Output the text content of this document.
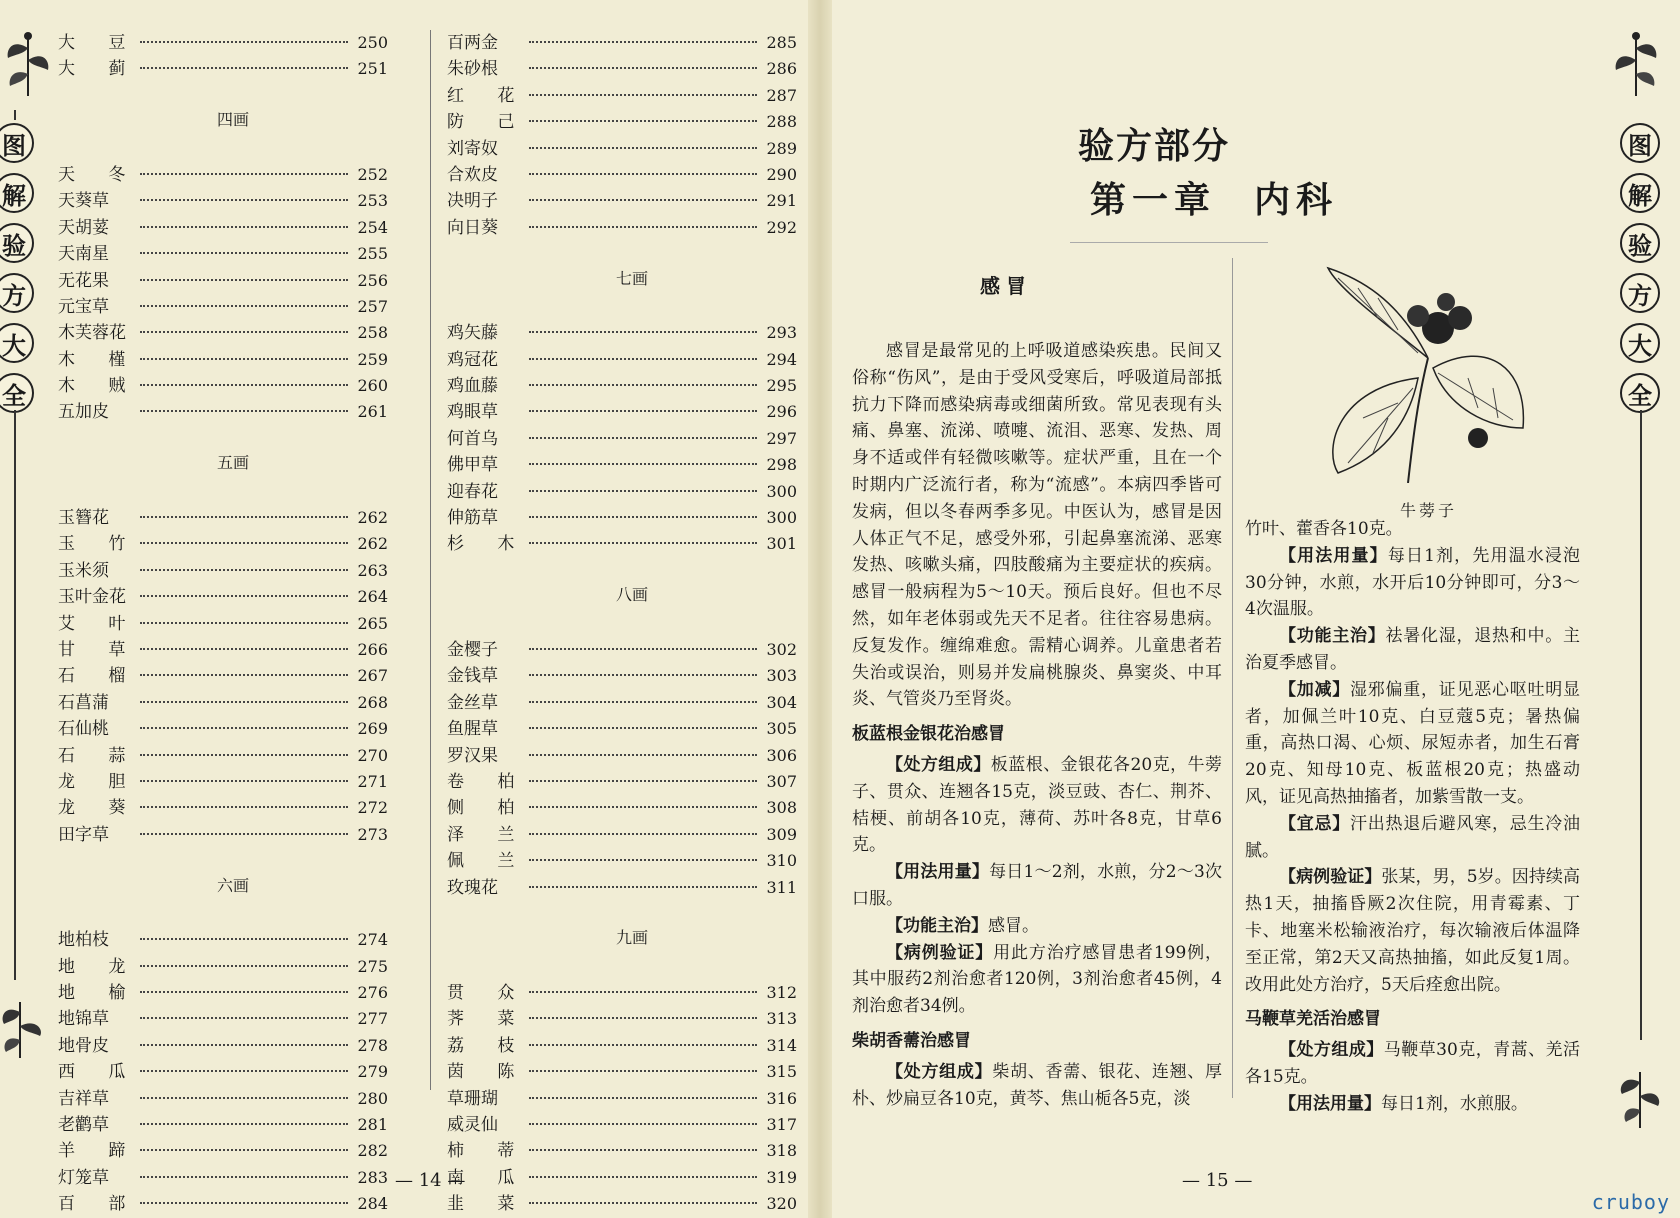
图
解
验
方
大
全
大 豆	250
大 蓟	251
四画
天 冬	252
天葵草	253
天胡荽	254
天南星	255
无花果	256
元宝草	257
木芙蓉花	258
木 槿	259
木 贼	260
五加皮	261
五画
玉簪花	262
玉 竹	262
玉米须	263
玉叶金花	264
艾 叶	265
甘 草	266
石 榴	267
石菖蒲	268
石仙桃	269
石 蒜	270
龙 胆	271
龙 葵	272
田字草	273
六画
地柏枝	274
地 龙	275
地 榆	276
地锦草	277
地骨皮	278
西 瓜	279
吉祥草	280
老鹳草	281
羊 蹄	282
灯笼草	283
百 部	284
百两金	285
朱砂根	286
红 花	287
防 己	288
刘寄奴	289
合欢皮	290
决明子	291
向日葵	292
七画
鸡矢藤	293
鸡冠花	294
鸡血藤	295
鸡眼草	296
何首乌	297
佛甲草	298
迎春花	300
伸筋草	300
杉 木	301
八画
金樱子	302
金钱草	303
金丝草	304
鱼腥草	305
罗汉果	306
卷 柏	307
侧 柏	308
泽 兰	309
佩 兰	310
玫瑰花	311
九画
贯 众	312
荠 菜	313
荔 枝	314
茵 陈	315
草珊瑚	316
威灵仙	317
柿 蒂	318
南 瓜	319
韭 菜	320
— 14 —
验方部分
第一章 内科
感冒

感冒是最常见的上呼吸道感染疾患。民间又俗称“伤风”，是由于受风受寒后，呼吸道局部抵抗力下降而感染病毒或细菌所致。常见表现有头痛、鼻塞、流涕、喷嚏、流泪、恶寒、发热、周身不适或伴有轻微咳嗽等。症状严重，且在一个时期内广泛流行者，称为“流感”。本病四季皆可发病，但以冬春两季多见。中医认为，感冒是因人体正气不足，感受外邪，引起鼻塞流涕、恶寒发热、咳嗽头痛，四肢酸痛为主要症状的疾病。感冒一般病程为5～10天。预后良好。但也不尽然，如年老体弱或先天不足者。往往容易患病。反复发作。缠绵难愈。需精心调养。儿童患者若失治或误治，则易并发扁桃腺炎、鼻窦炎、中耳炎、气管炎乃至肾炎。

板蓝根金银花治感冒

【处方组成】板蓝根、金银花各20克，牛蒡子、贯众、连翘各15克，淡豆豉、杏仁、荆芥、桔梗、前胡各10克，薄荷、苏叶各8克，甘草6克。

【用法用量】每日1～2剂，水煎，分2～3次口服。

【功能主治】感冒。

【病例验证】用此方治疗感冒患者199例，其中服药2剂治愈者120例，3剂治愈者45例，4剂治愈者34例。

柴胡香薷治感冒

【处方组成】柴胡、香薷、银花、连翘、厚朴、炒扁豆各10克，黄芩、焦山栀各5克，淡

牛蒡子

竹叶、藿香各10克。

【用法用量】每日1剂，先用温水浸泡30分钟，水煎，水开后10分钟即可，分3～4次温服。

【功能主治】祛暑化湿，退热和中。主治夏季感冒。

【加减】湿邪偏重，证见恶心呕吐明显者，加佩兰叶10克、白豆蔻5克；暑热偏重，高热口渴、心烦、尿短赤者，加生石膏20克、知母10克、板蓝根20克；热盛动风，证见高热抽搐者，加紫雪散一支。

【宜忌】汗出热退后避风寒，忌生冷油腻。

【病例验证】张某，男，5岁。因持续高热1天，抽搐昏厥2次住院，用青霉素、丁卡、地塞米松输液治疗，每次输液后体温降至正常，第2天又高热抽搐，如此反复1周。改用此处方治疗，5天后痊愈出院。

马鞭草羌活治感冒

【处方组成】马鞭草30克，青蒿、羌活各15克。

【用法用量】每日1剂，水煎服。

— 15 —
图
解
验
方
大
全
cruboy
